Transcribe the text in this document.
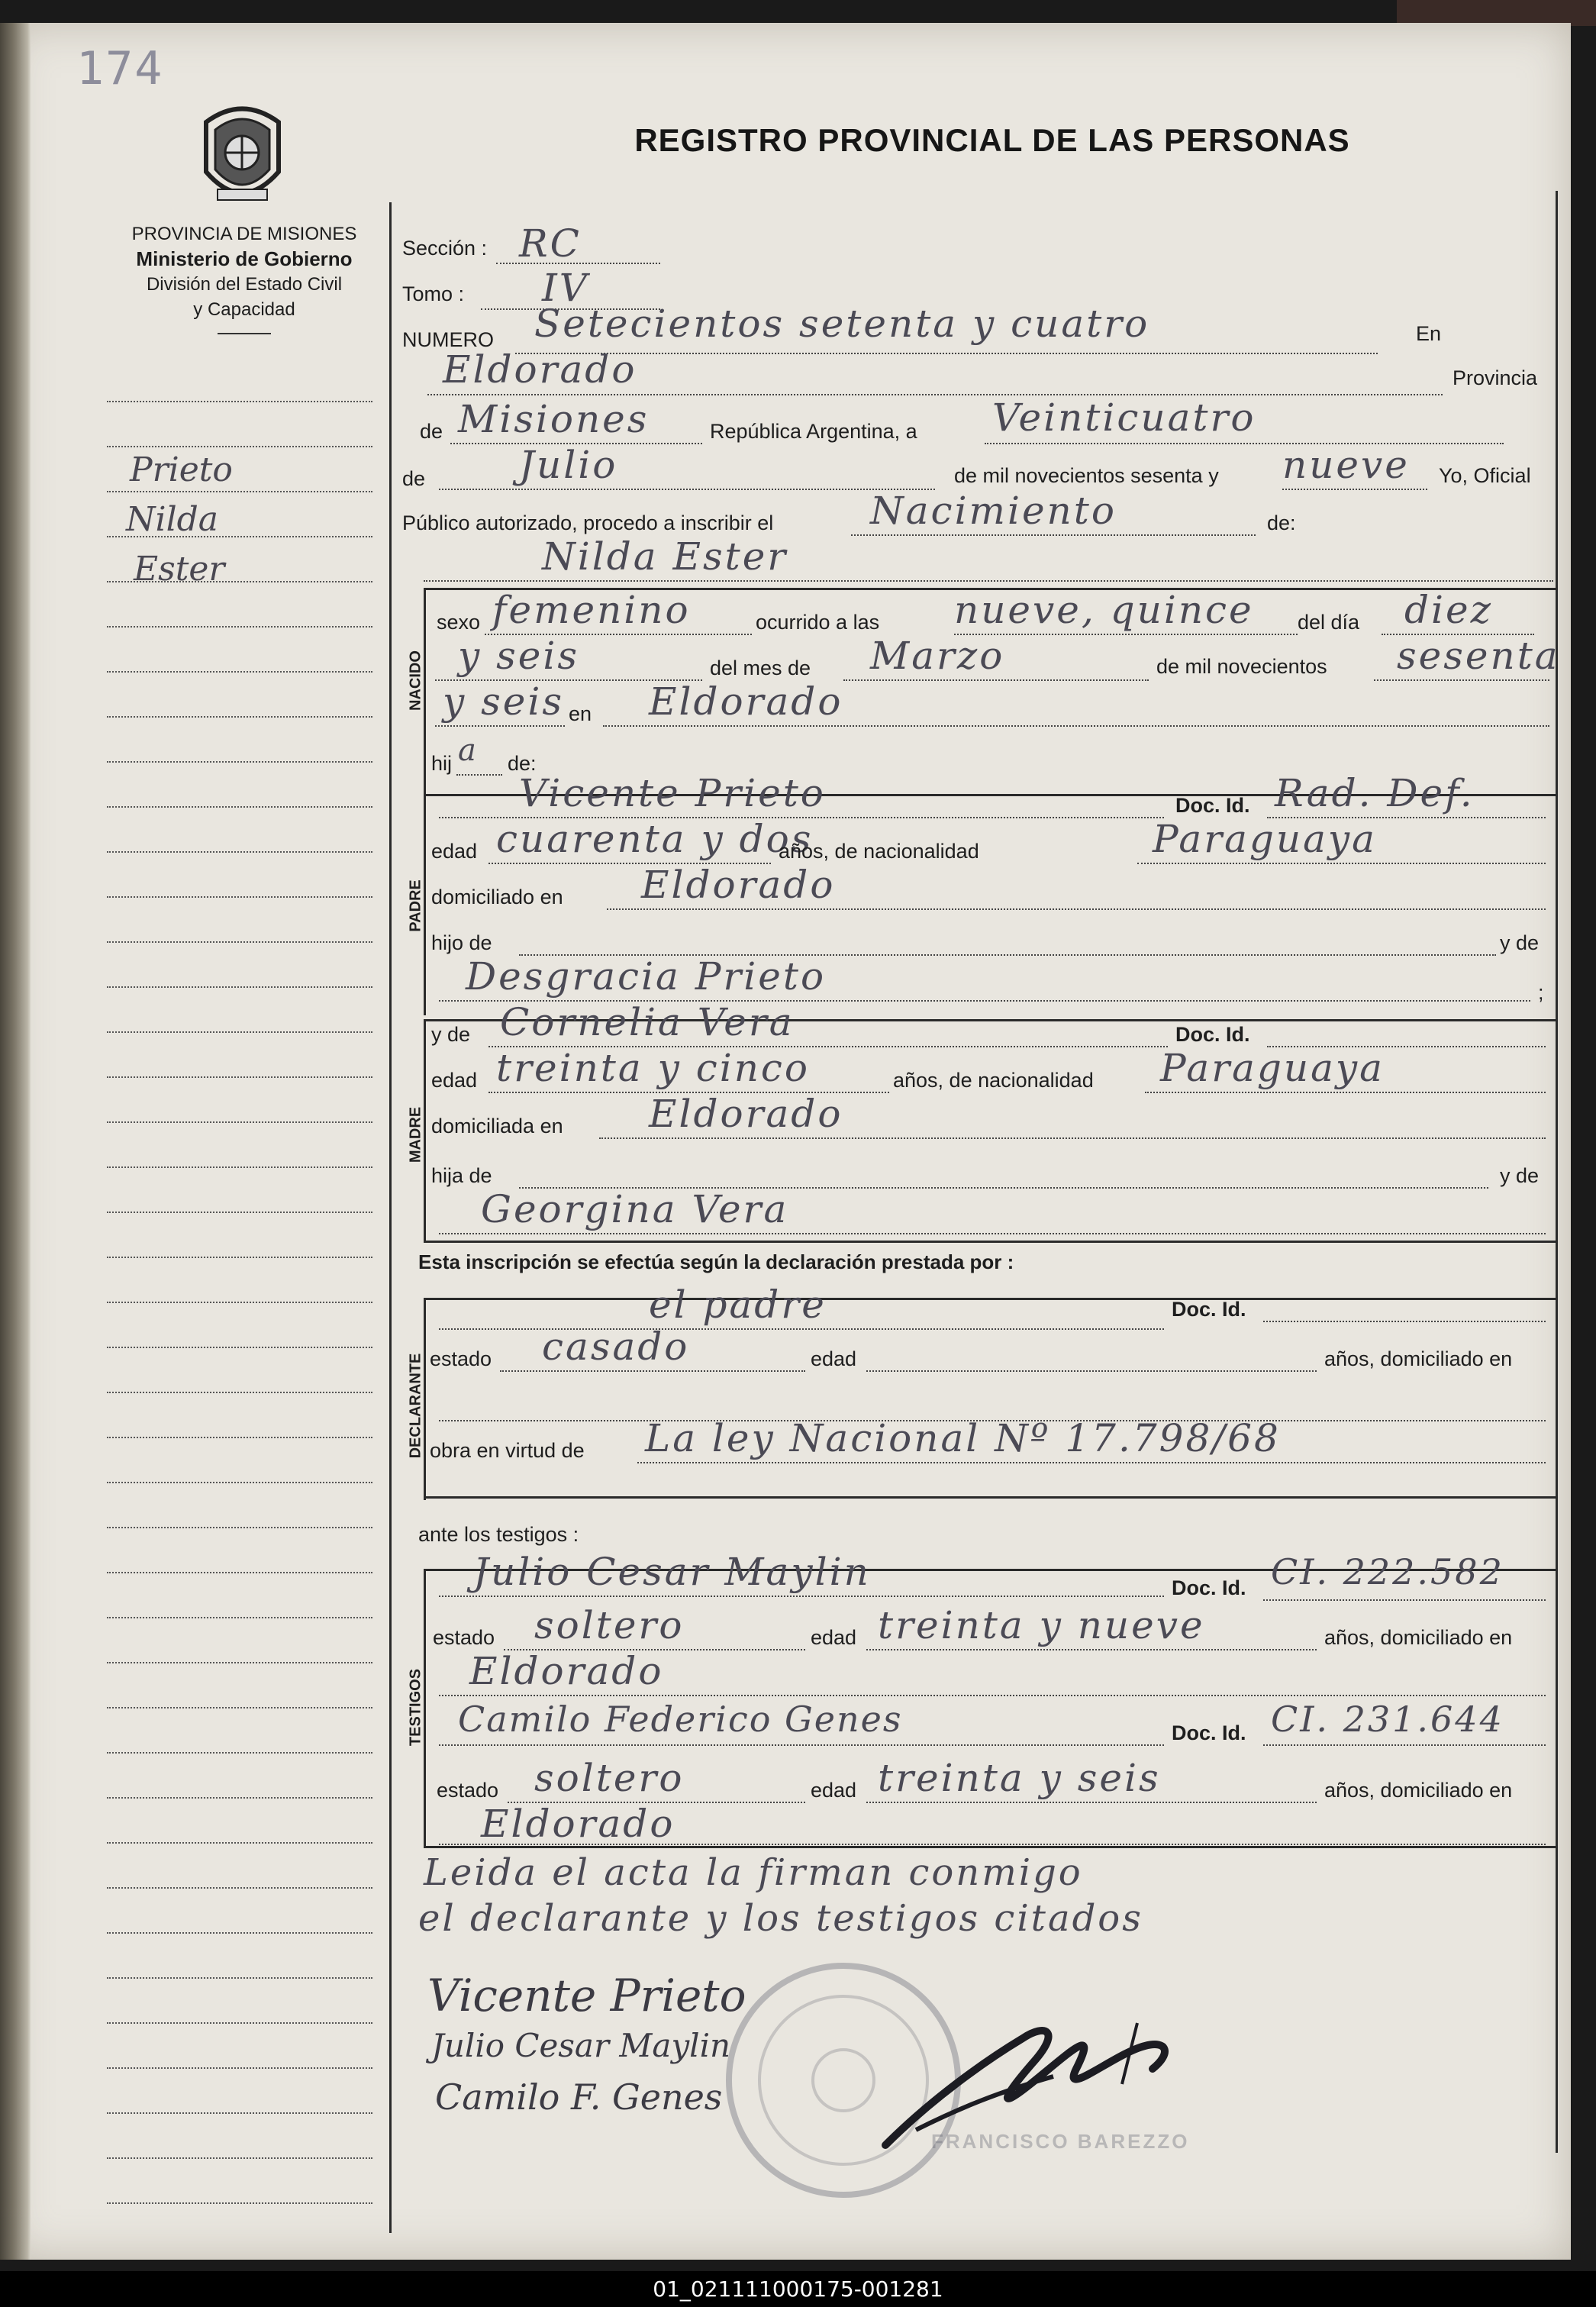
174
PROVINCIA DE MISIONES
Ministerio de Gobierno
División del Estado Civil
y Capacidad
REGISTRO PROVINCIAL DE LAS PERSONAS
Prieto
Nilda
Ester
Sección : RC
Tomo : IV
NUMERO Setecientos setenta y cuatro	En
Eldorado	Provincia
de Misiones	República Argentina, a Veinticuatro
de Julio	de mil novecientos sesenta y nueve Yo, Oficial
Público autorizado, procedo a inscribir el	Nacimiento	de:
Nilda Ester
NACIDO
sexo femenino	ocurrido a las nueve, quince del día diez
y seis	del mes de Marzo	de mil novecientos sesenta
y seis en Eldorado
hij a de:
PADRE
Vicente Prieto	Doc. Id. Rad. Def.
edad cuarenta y dos
años, de nacionalidad	Paraguaya
domiciliado en Eldorado
hijo de	y de
Desgracia Prieto	;
MADRE
y de Cornelia Vera	Doc. Id.
edad treinta y cinco	años, de nacionalidad Paraguaya
domiciliada en Eldorado
hija de	y de
Georgina Vera
Esta inscripción se efectúa según la declaración prestada por :
DECLARANTE
el padre	Doc. Id.
estado casado	edad	años, domiciliado en
obra en virtud de La ley Nacional Nº 17.798/68
ante los testigos :
TESTIGOS
Julio Cesar Maylin	Doc. Id. CI. 222.582
estado soltero	edad treinta y nueve	años, domiciliado en
Eldorado
Camilo Federico Genes	Doc. Id. CI. 231.644
estado soltero	edad treinta y seis	años, domiciliado en
Eldorado
Leida el acta la firman conmigo
el declarante y los testigos citados
FRANCISCO BAREZZO
Vicente Prieto
Julio Cesar Maylin
Camilo F. Genes
01_021111000175-001281
